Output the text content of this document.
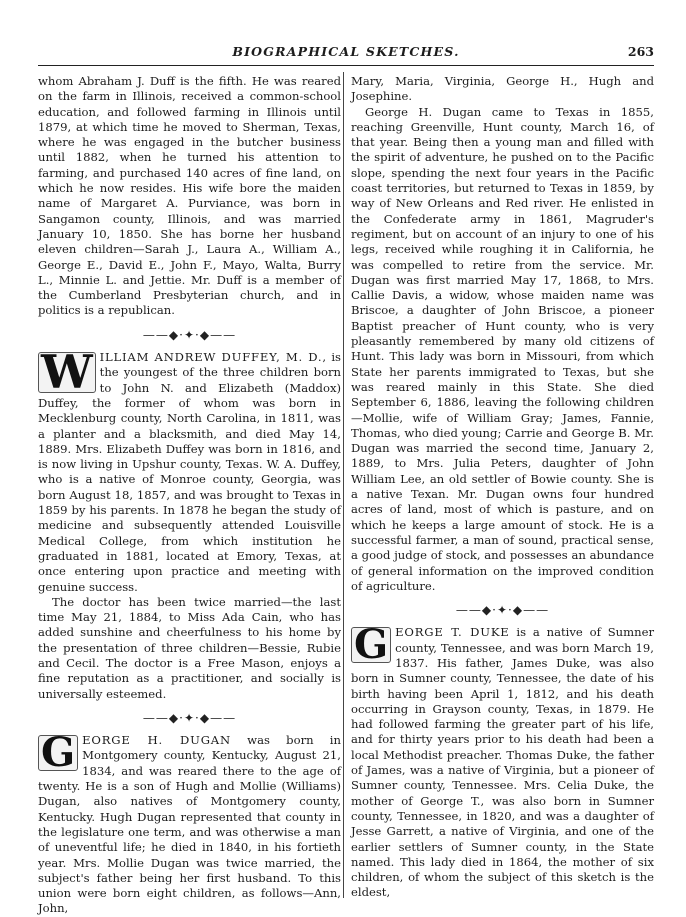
BIOGRAPHICAL SKETCHES.	263

whom Abraham J. Duff is the fifth. He was reared on the farm in Illinois, received a common-school education, and followed farming in Illinois until 1879, at which time he moved to Sherman, Texas, where he was engaged in the butcher business until 1882, when he turned his attention to farming, and purchased 140 acres of fine land, on which he now resides. His wife bore the maiden name of Margaret A. Purviance, was born in Sangamon county, Illinois, and was married January 10, 1850. She has borne her husband eleven children—Sarah J., Laura A., William A., George E., David E., John F., Mayo, Walta, Burry L., Minnie L. and Jettie. Mr. Duff is a member of the Cumberland Presbyterian church, and in politics is a republican.

——◆·✦·◆——

W ILLIAM ANDREW DUFFEY, M. D., is the youngest of the three children born to John N. and Elizabeth (Maddox) Duffey, the former of whom was born in Mecklenburg county, North Carolina, in 1811, was a planter and a blacksmith, and died May 14, 1889. Mrs. Elizabeth Duffey was born in 1816, and is now living in Upshur county, Texas. W. A. Duffey, who is a native of Monroe county, Georgia, was born August 18, 1857, and was brought to Texas in 1859 by his parents. In 1878 he began the study of medicine and subsequently attended Louisville Medical College, from which institution he graduated in 1881, located at Emory, Texas, at once entering upon practice and meeting with genuine success.

The doctor has been twice married—the last time May 21, 1884, to Miss Ada Cain, who has added sunshine and cheerfulness to his home by the presentation of three children—Bessie, Rubie and Cecil. The doctor is a Free Mason, enjoys a fine reputation as a practitioner, and socially is universally esteemed.

——◆·✦·◆——

G EORGE H. DUGAN was born in Montgomery county, Kentucky, August 21, 1834, and was reared there to the age of twenty. He is a son of Hugh and Mollie (Williams) Dugan, also natives of Montgomery county, Kentucky. Hugh Dugan represented that county in the legislature one term, and was otherwise a man of uneventful life; he died in 1840, in his fortieth year. Mrs. Mollie Dugan was twice married, the subject's father being her first husband. To this union were born eight children, as follows—Ann, John,

Mary, Maria, Virginia, George H., Hugh and Josephine.

George H. Dugan came to Texas in 1855, reaching Greenville, Hunt county, March 16, of that year. Being then a young man and filled with the spirit of adventure, he pushed on to the Pacific slope, spending the next four years in the Pacific coast territories, but returned to Texas in 1859, by way of New Orleans and Red river. He enlisted in the Confederate army in 1861, Magruder's regiment, but on account of an injury to one of his legs, received while roughing it in California, he was compelled to retire from the service. Mr. Dugan was first married May 17, 1868, to Mrs. Callie Davis, a widow, whose maiden name was Briscoe, a daughter of John Briscoe, a pioneer Baptist preacher of Hunt county, who is very pleasantly remembered by many old citizens of Hunt. This lady was born in Missouri, from which State her parents immigrated to Texas, but she was reared mainly in this State. She died September 6, 1886, leaving the following children—Mollie, wife of William Gray; James, Fannie, Thomas, who died young; Carrie and George B. Mr. Dugan was married the second time, January 2, 1889, to Mrs. Julia Peters, daughter of John William Lee, an old settler of Bowie county. She is a native Texan. Mr. Dugan owns four hundred acres of land, most of which is pasture, and on which he keeps a large amount of stock. He is a successful farmer, a man of sound, practical sense, a good judge of stock, and possesses an abundance of general information on the improved condition of agriculture.

——◆·✦·◆——

G EORGE T. DUKE is a native of Sumner county, Tennessee, and was born March 19, 1837. His father, James Duke, was also born in Sumner county, Tennessee, the date of his birth having been April 1, 1812, and his death occurring in Grayson county, Texas, in 1879. He had followed farming the greater part of his life, and for thirty years prior to his death had been a local Methodist preacher. Thomas Duke, the father of James, was a native of Virginia, but a pioneer of Sumner county, Tennessee. Mrs. Celia Duke, the mother of George T., was also born in Sumner county, Tennessee, in 1820, and was a daughter of Jesse Garrett, a native of Virginia, and one of the earlier settlers of Sumner county, in the State named. This lady died in 1864, the mother of six children, of whom the subject of this sketch is the eldest,
